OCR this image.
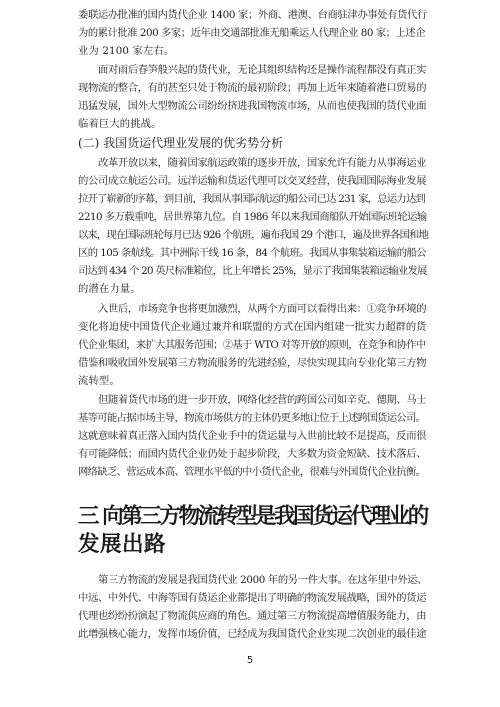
委联运办批准的国内货代企业 1400 家；外商、港澳、台商驻津办事处有货代行
为的累计批准 200 多家；近年由交通部批准无船乘运人代理企业 80 家；上述企
业为 2100 家左右。

面对雨后春笋般兴起的货代业，无论其组织结构还是操作流程都没有真正实
现物流的整合，有的甚至只处于物流的最初阶段；再加上近年来随着港口贸易的
迅猛发展，国外大型物流公司纷纷挤进我国物流市场，从而也使我国的货代业面
临着巨大的挑战。

(二) 我国货运代理业发展的优劣势分析

改革开放以来，随着国家航运政策的逐步开放，国家允许有能力从事海运业
的公司成立航运公司。远洋运输和货运代理可以交叉经营，使我国国际海业发展
拉开了崭新的序幕，到目前，我国从事国际航运的船公司已达 231 家，总运力达到
2210 多万载重吨，居世界第九位。自 1986 年以来我国商船队开始国际班轮运输
以来，现在国际班轮每月已达 926 个航班，遍布我国 29 个港口，遍及世界各国和地
区的 105 条航线。其中洲际干线 16 条，84 个航班。我国从事集装箱运输的船公
司达到 434 个 20 英尺标准箱位，比上年增长 25%，显示了我国集装箱运输业发展
的潜在力量。

入世后，市场竞争也将更加激烈，从两个方面可以看得出来：①竞争环境的
变化将迫使中国货代企业通过兼并和联盟的方式在国内组建一批实力超群的货
代企业集团，来扩大其服务范围；②基于 WTO 对等开放的原则，在竞争和协作中
借鉴和吸收国外发展第三方物流服务的先进经验，尽快实现其向专业化第三方物
流转型。

但随着货代市场的进一步开放，网络化经营的跨国公司如辛克、德期、马士
基等可能占据市场主导，物流市场供方的主体仍更多地让位于上述跨国货运公司。
这就意味着真正落入国内货代企业手中的货运量与入世前比较不是提高，反而很
有可能降低；而国内货代企业仍处于起步阶段，大多数为资金短缺、技术落后、
网络缺乏、营运成本高、管理水平低的中小货代企业，很难与外国货代企业抗衡。

三 向第三方物流转型是我国货运代理业的
发展出路

第三方物流的发展是我国货代业 2000 年的另一件大事。在这年里中外运、
中远、中外代、中海等国有货运企业都提出了明确的物流发展战略，国外的货运
代理也纷纷扮演起了物流供应商的角色。通过第三方物流提高增值服务能力，由
此增强核心能力，发挥市场价值，已经成为我国货代企业实现二次创业的最佳途

5
